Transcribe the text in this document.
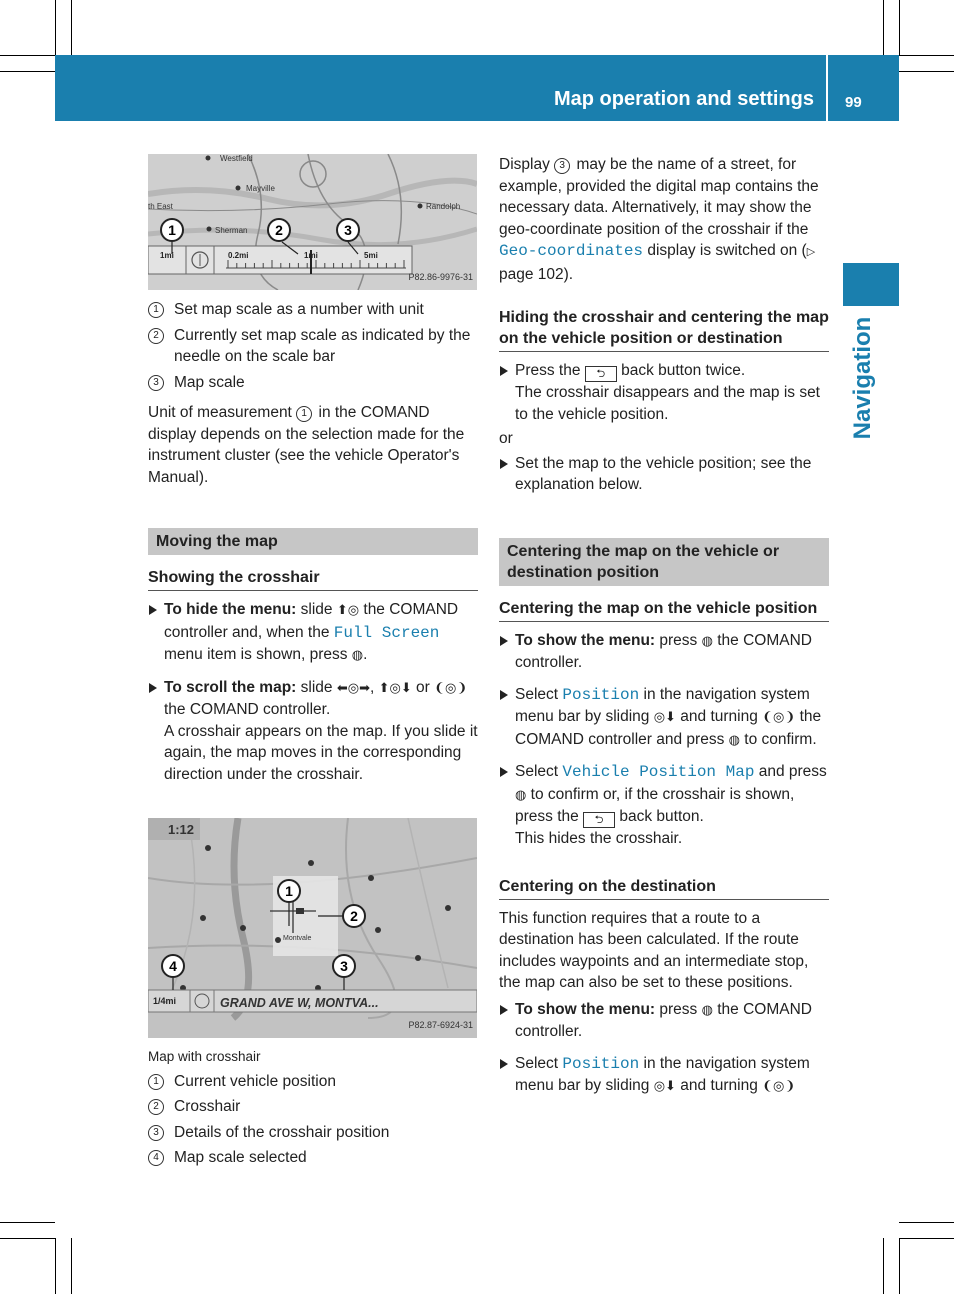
Map operation and settings 99
Navigation
1	2	3
Westfield
Mayville
th East
Sherman
Randolph
1mi	0.2mi	1mi	5mi
P82.86-9976-31
1 Set map scale as a number with unit
2 Currently set map scale as indicated by the needle on the scale bar
3 Map scale

Unit of measurement 1 in the COMAND display depends on the selection made for the instrument cluster (see the vehicle Operator's Manual).

Moving the map
Showing the crosshair
To hide the menu: slide ⬆◎ the COMAND controller and, when the Full Screen menu item is shown, press ◍.
To scroll the map: slide ⬅◎➡, ⬆◎⬇ or ❨◎❩ the COMAND controller.

A crosshair appears on the map. If you slide it again, the map moves in the corresponding direction under the crosshair.

1
2
3
4
1:12
Montvale
1/4mi	GRAND AVE W, MONTVA...
P82.87-6924-31
Map with crosshair
1 Current vehicle position
2 Crosshair
3 Details of the crosshair position
4 Map scale selected

Display 3 may be the name of a street, for example, provided the digital map contains the necessary data. Alternatively, it may show the geo-coordinate position of the crosshair if the Geo-coordinates display is switched on (▷ page 102).

Hiding the crosshair and centering the map on the vehicle position or destination
Press the ⮌ back button twice.

The crosshair disappears and the map is set to the vehicle position.

or

Set the map to the vehicle position; see the explanation below.
Centering the map on the vehicle or destination position
Centering the map on the vehicle position
To show the menu: press ◍ the COMAND controller.
Select Position in the navigation system menu bar by sliding ◎⬇ and turning ❨◎❩ the COMAND controller and press ◍ to confirm.
Select Vehicle Position Map and press ◍ to confirm or, if the crosshair is shown, press the ⮌ back button.

This hides the crosshair.

Centering on the destination

This function requires that a route to a destination has been calculated. If the route includes waypoints and an intermediate stop, the map can also be set to these positions.

To show the menu: press ◍ the COMAND controller.
Select Position in the navigation system menu bar by sliding ◎⬇ and turning ❨◎❩
